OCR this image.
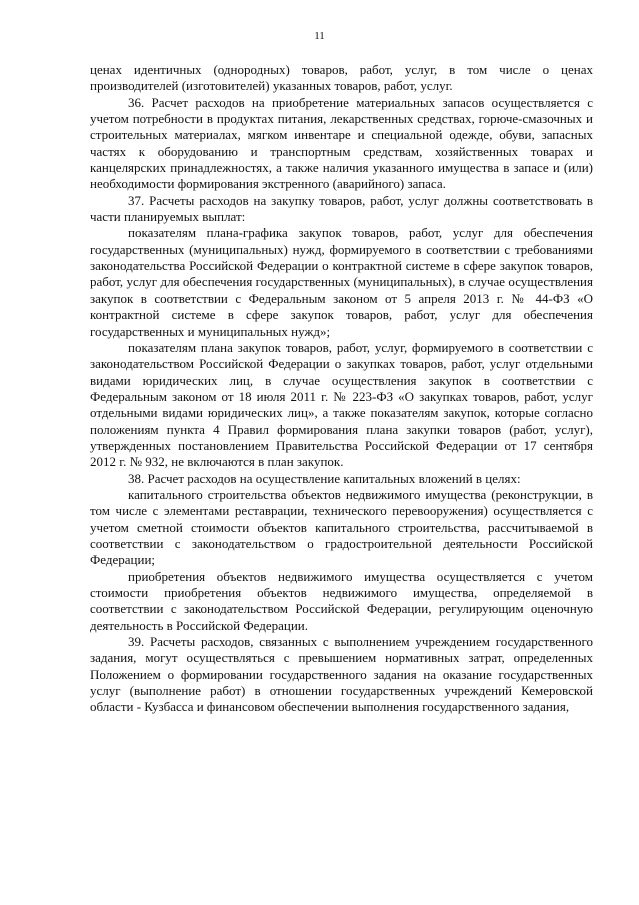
11

ценах идентичных (однородных) товаров, работ, услуг, в том числе о ценах производителей (изготовителей) указанных товаров, работ, услуг.

36. Расчет расходов на приобретение материальных запасов осуществляется с учетом потребности в продуктах питания, лекарственных средствах, горюче-смазочных и строительных материалах, мягком инвентаре и специальной одежде, обуви, запасных частях к оборудованию и транспортным средствам, хозяйственных товарах и канцелярских принадлежностях, а также наличия указанного имущества в запасе и (или) необходимости формирования экстренного (аварийного) запаса.

37. Расчеты расходов на закупку товаров, работ, услуг должны соответствовать в части планируемых выплат:

показателям плана-графика закупок товаров, работ, услуг для обеспечения государственных (муниципальных) нужд, формируемого в соответствии с требованиями законодательства Российской Федерации о контрактной системе в сфере закупок товаров, работ, услуг для обеспечения государственных (муниципальных), в случае осуществления закупок в соответствии с Федеральным законом от 5 апреля 2013 г. № 44-ФЗ «О контрактной системе в сфере закупок товаров, работ, услуг для обеспечения государственных и муниципальных нужд»;

показателям плана закупок товаров, работ, услуг, формируемого в соответствии с законодательством Российской Федерации о закупках товаров, работ, услуг отдельными видами юридических лиц, в случае осуществления закупок в соответствии с Федеральным законом от 18 июля 2011 г. № 223-ФЗ «О закупках товаров, работ, услуг отдельными видами юридических лиц», а также показателям закупок, которые согласно положениям пункта 4 Правил формирования плана закупки товаров (работ, услуг), утвержденных постановлением Правительства Российской Федерации от 17 сентября 2012 г. № 932, не включаются в план закупок.

38. Расчет расходов на осуществление капитальных вложений в целях:

капитального строительства объектов недвижимого имущества (реконструкции, в том числе с элементами реставрации, технического перевооружения) осуществляется с учетом сметной стоимости объектов капитального строительства, рассчитываемой в соответствии с законодательством о градостроительной деятельности Российской Федерации;

приобретения объектов недвижимого имущества осуществляется с учетом стоимости приобретения объектов недвижимого имущества, определяемой в соответствии с законодательством Российской Федерации, регулирующим оценочную деятельность в Российской Федерации.

39. Расчеты расходов, связанных с выполнением учреждением государственного задания, могут осуществляться с превышением нормативных затрат, определенных Положением о формировании государственного задания на оказание государственных услуг (выполнение работ) в отношении государственных учреждений Кемеровской области - Кузбасса и финансовом обеспечении выполнения государственного задания,
